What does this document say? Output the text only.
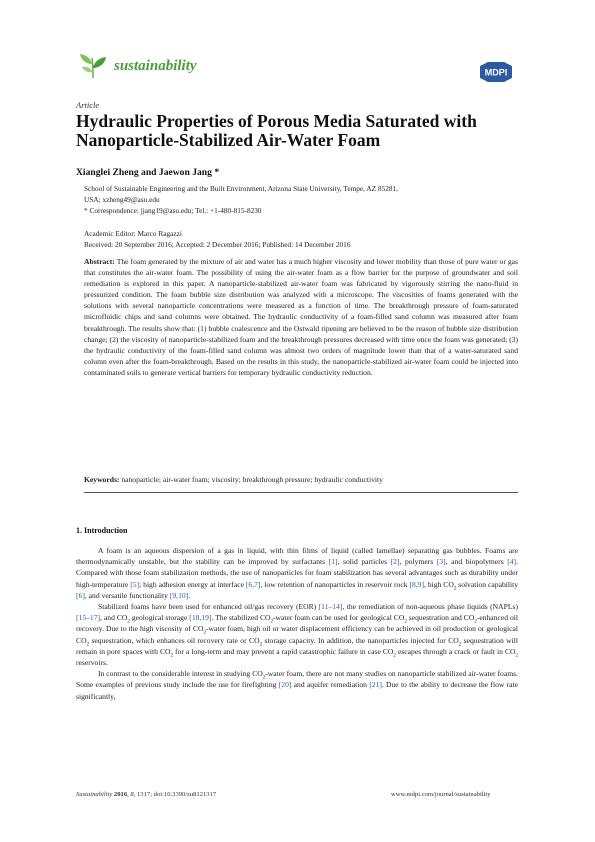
sustainability	MDPI
Article
Hydraulic Properties of Porous Media Saturated with Nanoparticle-Stabilized Air-Water Foam
Xianglei Zheng and Jaewon Jang *
School of Sustainable Engineering and the Built Environment, Arizona State University, Tempe, AZ 85281,
USA; xzheng49@asu.edu
* Correspondence: jjang19@asu.edu; Tel.: +1-480-815-8230
Academic Editor: Marco Ragazzi
Received: 20 September 2016; Accepted: 2 December 2016; Published: 14 December 2016

Abstract: The foam generated by the mixture of air and water has a much higher viscosity and lower mobility than those of pure water or gas that constitutes the air-water foam. The possibility of using the air-water foam as a flow barrier for the purpose of groundwater and soil remediation is explored in this paper. A nanoparticle-stabilized air-water foam was fabricated by vigorously stirring the nano-fluid in pressurized condition. The foam bubble size distribution was analyzed with a microscope. The viscosities of foams generated with the solutions with several nanoparticle concentrations were measured as a function of time. The breakthrough pressure of foam-saturated microfluidic chips and sand columns were obtained. The hydraulic conductivity of a foam-filled sand column was measured after foam breakthrough. The results show that: (1) bubble coalescence and the Ostwald ripening are believed to be the reason of bubble size distribution change; (2) the viscosity of nanoparticle-stabilized foam and the breakthrough pressures decreased with time once the foam was generated; (3) the hydraulic conductivity of the foam-filled sand column was almost two orders of magnitude lower than that of a water-saturated sand column even after the foam-breakthrough. Based on the results in this study, the nanoparticle-stabilized air-water foam could be injected into contaminated soils to generate vertical barriers for temporary hydraulic conductivity reduction.

Keywords: nanoparticle; air-water foam; viscosity; breakthrough pressure; hydraulic conductivity
1. Introduction

A foam is an aqueous dispersion of a gas in liquid, with thin films of liquid (called lamellae) separating gas bubbles. Foams are thermodynamically unstable, but the stability can be improved by surfactants [1], solid particles [2], polymers [3], and biopolymers [4]. Compared with those foam stabilization methods, the use of nanoparticles for foam stabilization has several advantages such as durability under high-temperature [5]; high adhesion energy at interface [6,7], low retention of nanoparticles in reservoir rock [8,9], high $CO_2$ solvation capability [6], and versatile functionality [9,10].

Stabilized foams have been used for enhanced oil/gas recovery (EOR) [11–14], the remediation of non-aqueous phase liquids (NAPLs) [15–17], and $CO_2$ geological storage [18,19]. The stabilized $CO_2$-water foam can be used for geological $CO_2$ sequestration and $CO_2$-enhanced oil recovery. Due to the high viscosity of $CO_2$-water foam, high oil or water displacement efficiency can be achieved in oil production or geological $CO_2$ sequestration, which enhances oil recovery rate or $CO_2$ storage capacity. In addition, the nanoparticles injected for $CO_2$ sequestration will remain in pore spaces with $CO_2$ for a long-term and may prevent a rapid catastrophic failure in case $CO_2$ escapes through a crack or fault in $CO_2$ reservoirs.

In contrast to the considerable interest in studying $CO_2$-water foam, there are not many studies on nanoparticle stabilized air-water foams. Some examples of previous study include the use for firefighting [20] and aquifer remediation [21]. Due to the ability to decrease the flow rate significantly,

Sustainability 2016, 8, 1317; doi:10.3390/su8121317	www.mdpi.com/journal/sustainability
